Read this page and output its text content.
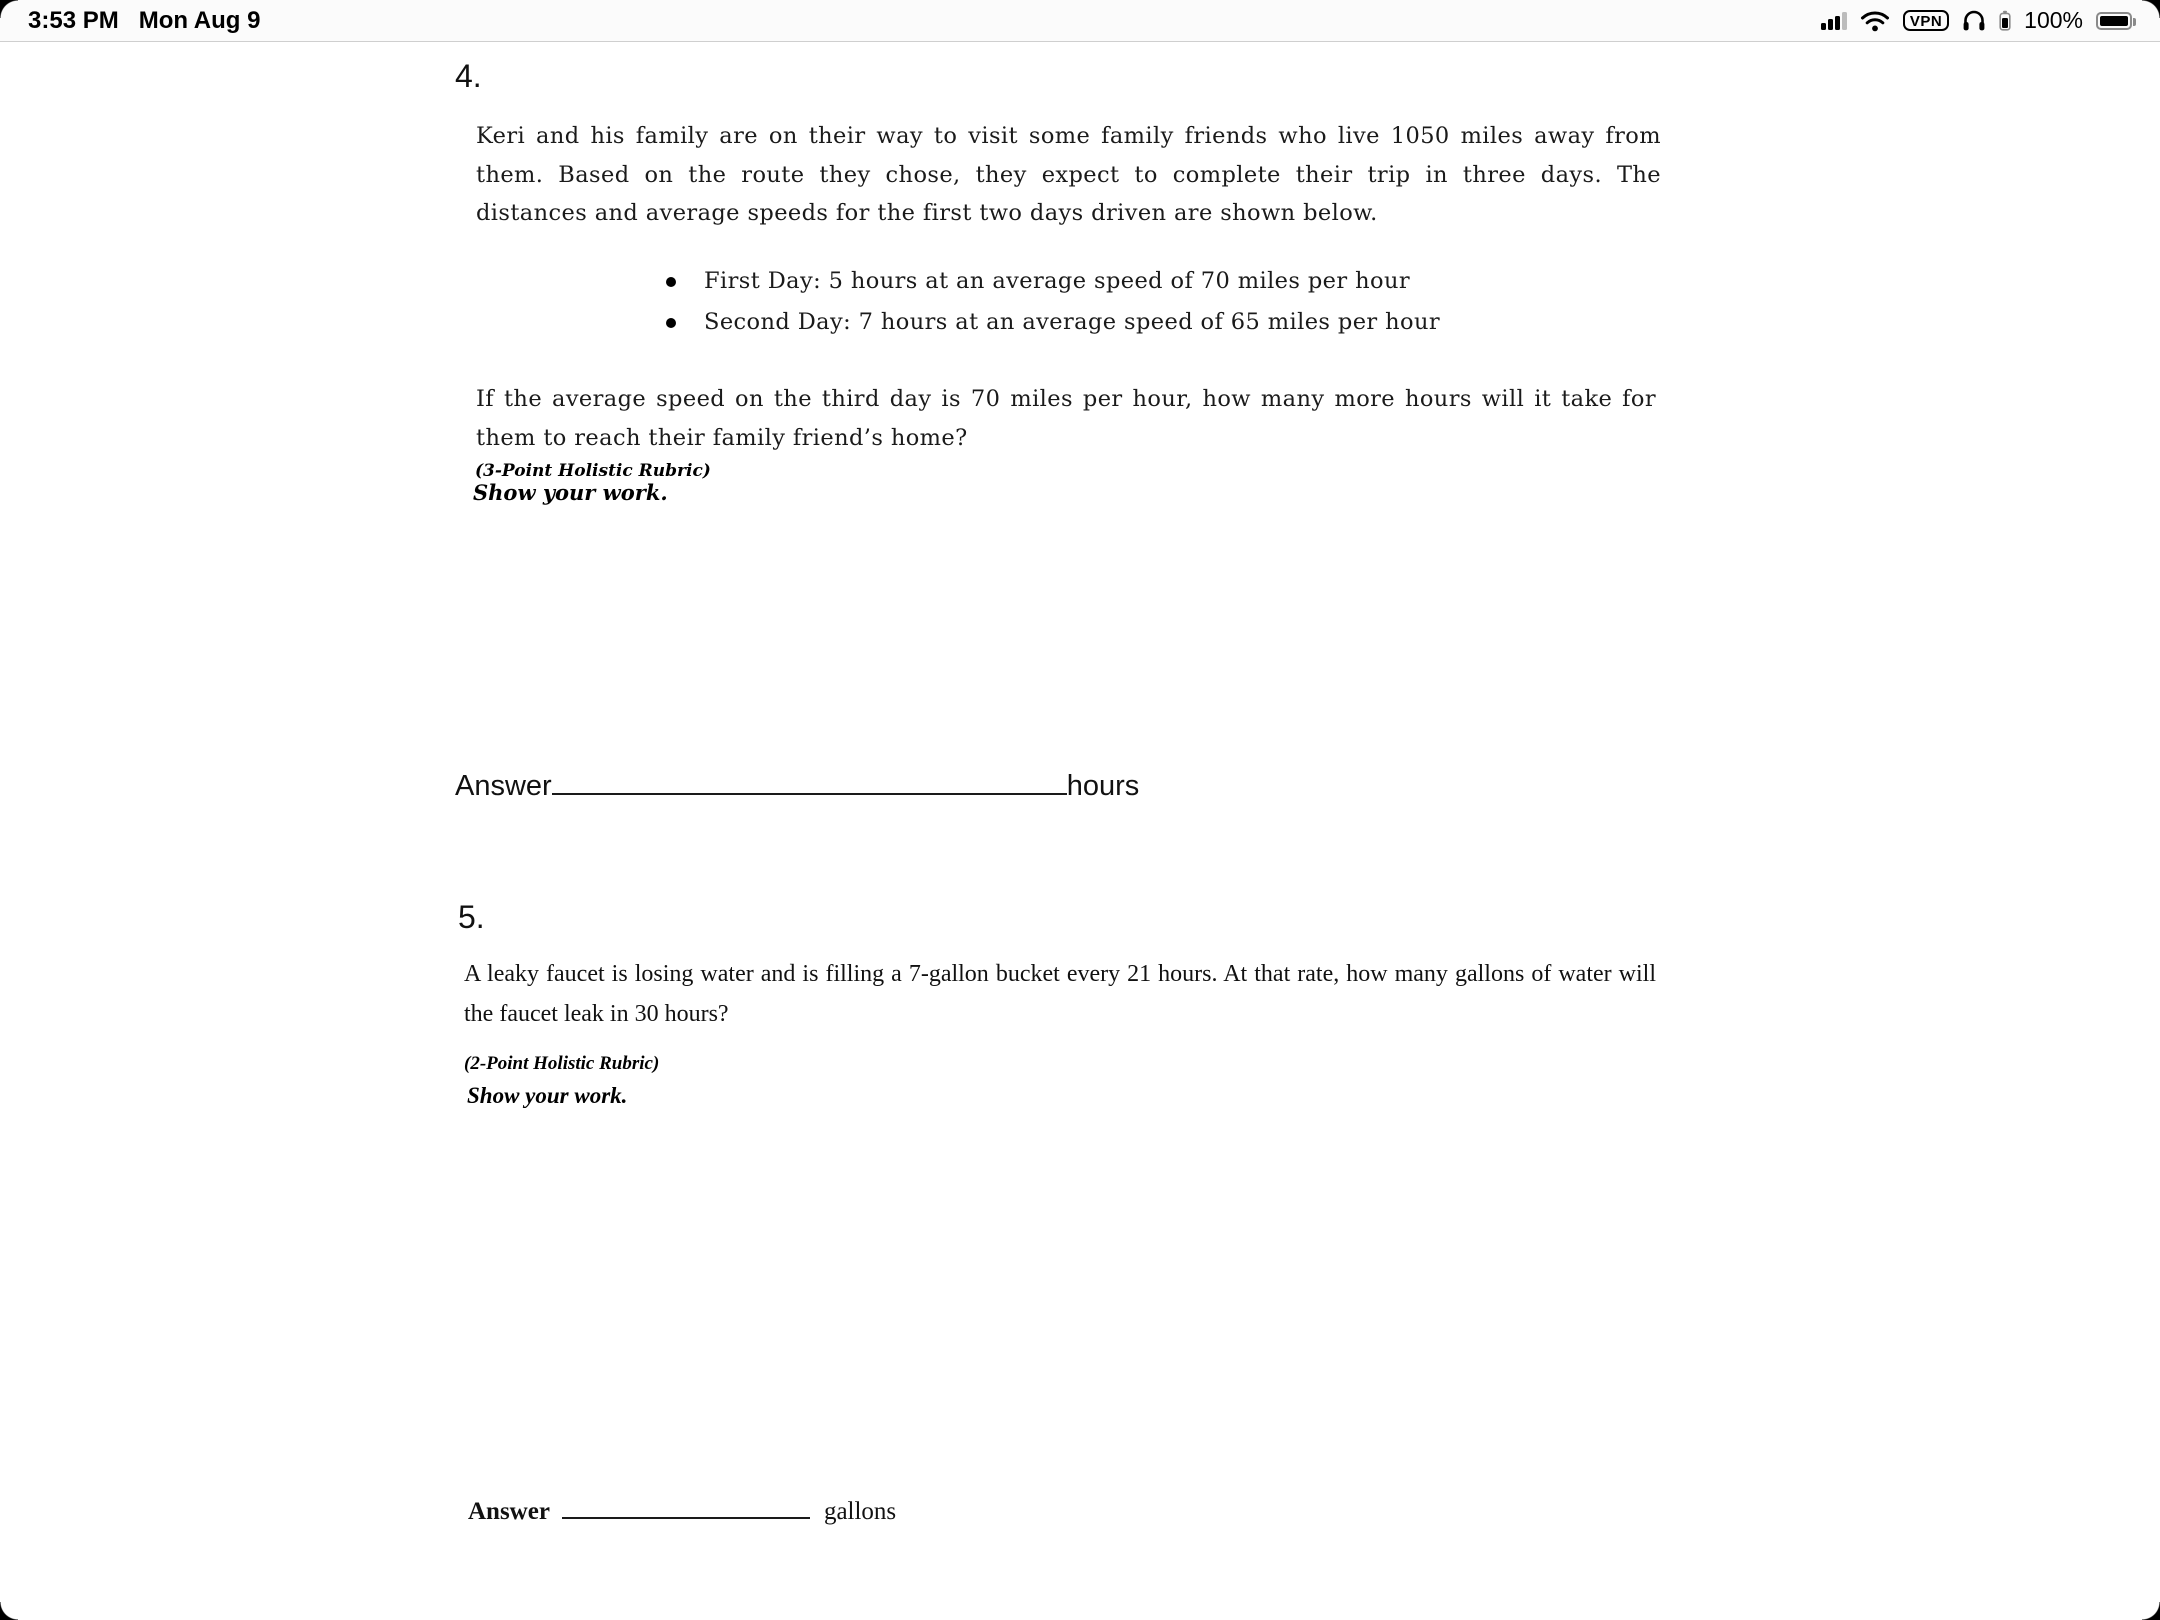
3:53 PM Mon Aug 9	VPN	100%
4.
Keri and his family are on their way to visit some family friends who live 1050 miles away from them. Based on the route they chose, they expect to complete their trip in three days. The distances and average speeds for the first two days driven are shown below.
First Day: 5 hours at an average speed of 70 miles per hour
Second Day: 7 hours at an average speed of 65 miles per hour
If the average speed on the third day is 70 miles per hour, how many more hours will it take for them to reach their family friend’s home?
(3-Point Holistic Rubric)
Show your work.
Answer	hours
5.
A leaky faucet is losing water and is filling a 7-gallon bucket every 21 hours. At that rate, how many gallons of water will the faucet leak in 30 hours?
(2-Point Holistic Rubric)
Show your work.
Answer	gallons
